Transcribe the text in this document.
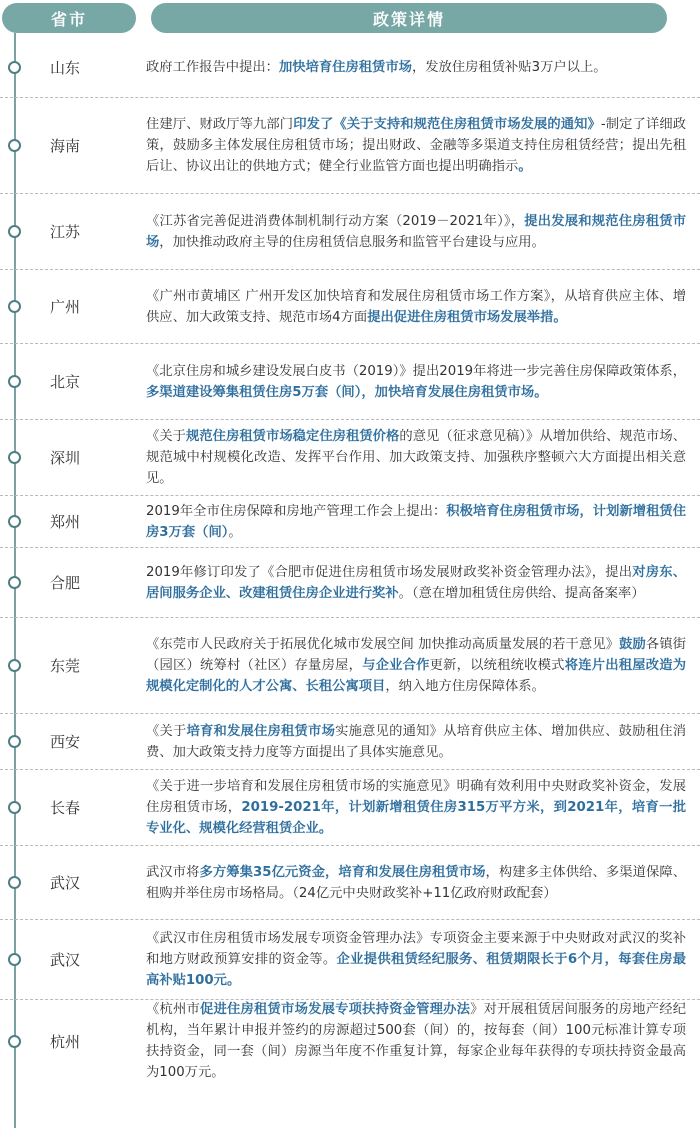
省市	政策详情
山东	政府工作报告中提出：加快培育住房租赁市场，发放住房租赁补贴3万户以上。

海南

住建厅、财政厅等九部门印发了《关于支持和规范住房租赁市场发展的通知》-制定了详细政策，鼓励多主体发展住房租赁市场；提出财政、金融等多渠道支持住房租赁经营；提出先租后让、协议出让的供地方式；健全行业监管方面也提出明确指示。

江苏

《江苏省完善促进消费体制机制行动方案（2019－2021年）》，提出发展和规范住房租赁市场，加快推动政府主导的住房租赁信息服务和监管平台建设与应用。

广州

《广州市黄埔区 广州开发区加快培育和发展住房租赁市场工作方案》，从培育供应主体、增供应、加大政策支持、规范市场4方面提出促进住房租赁市场发展举措。

北京

《北京住房和城乡建设发展白皮书（2019）》提出2019年将进一步完善住房保障政策体系，多渠道建设筹集租赁住房5万套（间），加快培育发展住房租赁市场。

深圳

《关于规范住房租赁市场稳定住房租赁价格的意见（征求意见稿）》从增加供给、规范市场、规范城中村规模化改造、发挥平台作用、加大政策支持、加强秩序整顿六大方面提出相关意见。

郑州

2019年全市住房保障和房地产管理工作会上提出：积极培育住房租赁市场，计划新增租赁住房3万套（间）。

合肥

2019年修订印发了《合肥市促进住房租赁市场发展财政奖补资金管理办法》，提出对房东、居间服务企业、改建租赁住房企业进行奖补。（意在增加租赁住房供给、提高备案率）

东莞

《东莞市人民政府关于拓展优化城市发展空间 加快推动高质量发展的若干意见》鼓励各镇街（园区）统筹村（社区）存量房屋，与企业合作更新，以统租统收模式将连片出租屋改造为规模化定制化的人才公寓、长租公寓项目，纳入地方住房保障体系。

西安

《关于培育和发展住房租赁市场实施意见的通知》从培育供应主体、增加供应、鼓励租住消费、加大政策支持力度等方面提出了具体实施意见。

长春

《关于进一步培育和发展住房租赁市场的实施意见》明确有效利用中央财政奖补资金，发展住房租赁市场，2019-2021年，计划新增租赁住房315万平方米，到2021年，培育一批专业化、规模化经营租赁企业。

武汉

武汉市将多方筹集35亿元资金，培育和发展住房租赁市场，构建多主体供给、多渠道保障、租购并举住房市场格局。（24亿元中央财政奖补+11亿政府财政配套）

武汉

《武汉市住房租赁市场发展专项资金管理办法》专项资金主要来源于中央财政对武汉的奖补和地方财政预算安排的资金等。企业提供租赁经纪服务、租赁期限长于6个月，每套住房最高补贴100元。

杭州

《杭州市促进住房租赁市场发展专项扶持资金管理办法》对开展租赁居间服务的房地产经纪机构，当年累计申报并签约的房源超过500套（间）的，按每套（间）100元标准计算专项扶持资金，同一套（间）房源当年度不作重复计算，每家企业每年获得的专项扶持资金最高为100万元。
